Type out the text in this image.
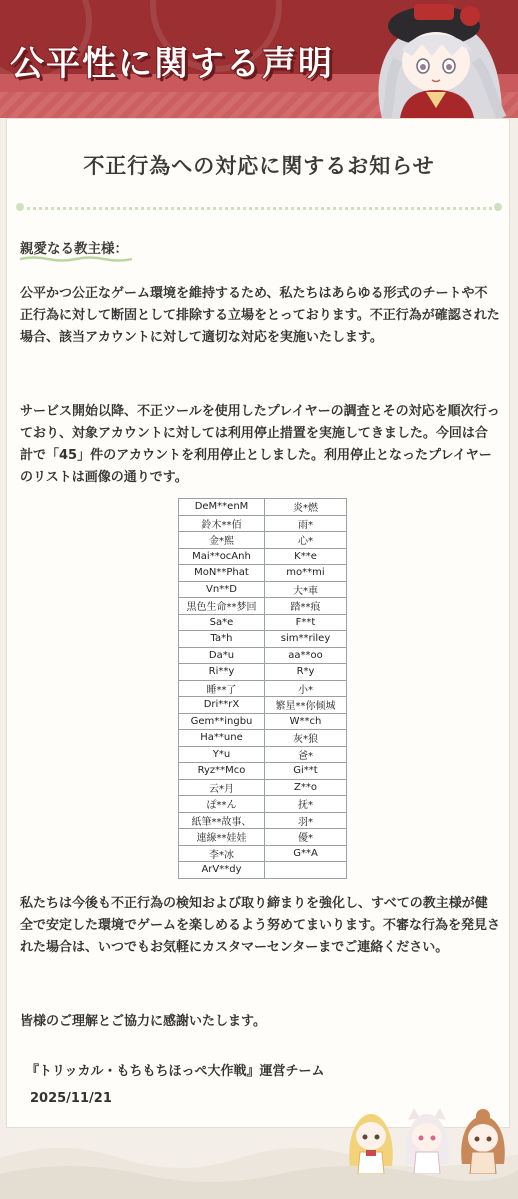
公平性に関する声明
不正行為への対応に関するお知らせ
親愛なる教主様：
公平かつ公正なゲーム環境を維持するため、私たちはあらゆる形式のチートや不正行為に対して断固として排除する立場をとっております。不正行為が確認された場合、該当アカウントに対して適切な対応を実施いたします。
サービス開始以降、不正ツールを使用したプレイヤーの調査とその対応を順次行っており、対象アカウントに対しては利用停止措置を実施してきました。今回は合計で「45」件のアカウントを利用停止としました。利用停止となったプレイヤーのリストは画像の通りです。
DeM**enM	炎*燃
鈴木**佰	雨*
金*熙	心*
Mai**ocAnh	K**e
MoN**Phat	mo**mi
Vn**D	大*車
黒色生命**梦回	踏**痕
Sa*e	F**t
Ta*h	sim**riley
Da*u	aa**oo
Ri**y	R*y
睡**了	小*
Dri**rX	繁星**你倾城
Gem**ingbu	W**ch
Ha**une	灰*狼
Y*u	爸*
Ryz**Mco	Gi**t
云*月	Z**o
ぽ**ん	抚*
紙筆**故事、	羽*
連線**娃娃	優*
李*冰	G**A
ArV**dy	
私たちは今後も不正行為の検知および取り締まりを強化し、すべての教主様が健全で安定した環境でゲームを楽しめるよう努めてまいります。不審な行為を発見された場合は、いつでもお気軽にカスタマーセンターまでご連絡ください。
皆様のご理解とご協力に感謝いたします。
『トリッカル・もちもちほっぺ大作戦』運営チーム
2025/11/21
